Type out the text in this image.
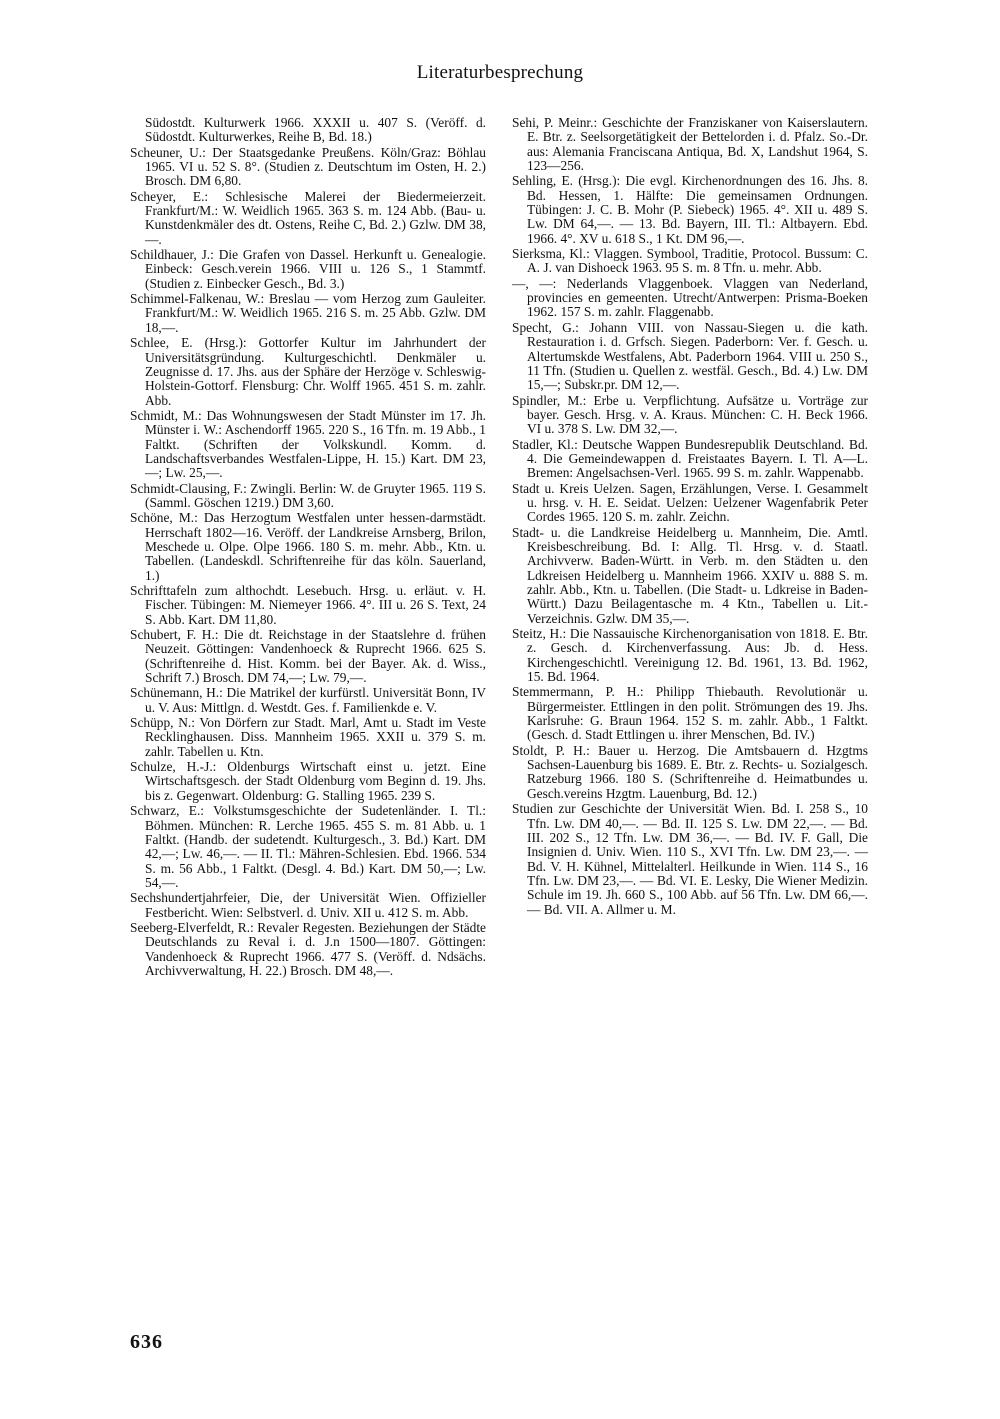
Literaturbesprechung

Südostdt. Kulturwerk 1966. XXXII u. 407 S. (Veröff. d. Südostdt. Kulturwerkes, Reihe B, Bd. 18.)

Scheuner, U.: Der Staatsgedanke Preußens. Köln/Graz: Böhlau 1965. VI u. 52 S. 8°. (Studien z. Deutschtum im Osten, H. 2.) Brosch. DM 6,80.

Scheyer, E.: Schlesische Malerei der Biedermeierzeit. Frankfurt/M.: W. Weidlich 1965. 363 S. m. 124 Abb. (Bau- u. Kunstdenkmäler des dt. Ostens, Reihe C, Bd. 2.) Gzlw. DM 38,—.

Schildhauer, J.: Die Grafen von Dassel. Herkunft u. Genealogie. Einbeck: Gesch.verein 1966. VIII u. 126 S., 1 Stammtf. (Studien z. Einbecker Gesch., Bd. 3.)

Schimmel-Falkenau, W.: Breslau — vom Herzog zum Gauleiter. Frankfurt/M.: W. Weidlich 1965. 216 S. m. 25 Abb. Gzlw. DM 18,—.

Schlee, E. (Hrsg.): Gottorfer Kultur im Jahrhundert der Universitätsgründung. Kulturgeschichtl. Denkmäler u. Zeugnisse d. 17. Jhs. aus der Sphäre der Herzöge v. Schleswig-Holstein-Gottorf. Flensburg: Chr. Wolff 1965. 451 S. m. zahlr. Abb.

Schmidt, M.: Das Wohnungswesen der Stadt Münster im 17. Jh. Münster i. W.: Aschendorff 1965. 220 S., 16 Tfn. m. 19 Abb., 1 Faltkt. (Schriften der Volkskundl. Komm. d. Landschaftsverbandes Westfalen-Lippe, H. 15.) Kart. DM 23,—; Lw. 25,—.

Schmidt-Clausing, F.: Zwingli. Berlin: W. de Gruyter 1965. 119 S. (Samml. Göschen 1219.) DM 3,60.

Schöne, M.: Das Herzogtum Westfalen unter hessen-darmstädt. Herrschaft 1802—16. Veröff. der Landkreise Arnsberg, Brilon, Meschede u. Olpe. Olpe 1966. 180 S. m. mehr. Abb., Ktn. u. Tabellen. (Landeskdl. Schriftenreihe für das köln. Sauerland, 1.)

Schrifttafeln zum althochdt. Lesebuch. Hrsg. u. erläut. v. H. Fischer. Tübingen: M. Niemeyer 1966. 4°. III u. 26 S. Text, 24 S. Abb. Kart. DM 11,80.

Schubert, F. H.: Die dt. Reichstage in der Staatslehre d. frühen Neuzeit. Göttingen: Vandenhoeck & Ruprecht 1966. 625 S. (Schriftenreihe d. Hist. Komm. bei der Bayer. Ak. d. Wiss., Schrift 7.) Brosch. DM 74,—; Lw. 79,—.

Schünemann, H.: Die Matrikel der kurfürstl. Universität Bonn, IV u. V. Aus: Mittlgn. d. Westdt. Ges. f. Familienkde e. V.

Schüpp, N.: Von Dörfern zur Stadt. Marl, Amt u. Stadt im Veste Recklinghausen. Diss. Mannheim 1965. XXII u. 379 S. m. zahlr. Tabellen u. Ktn.

Schulze, H.-J.: Oldenburgs Wirtschaft einst u. jetzt. Eine Wirtschaftsgesch. der Stadt Oldenburg vom Beginn d. 19. Jhs. bis z. Gegenwart. Oldenburg: G. Stalling 1965. 239 S.

Schwarz, E.: Volkstumsgeschichte der Sudetenländer. I. Tl.: Böhmen. München: R. Lerche 1965. 455 S. m. 81 Abb. u. 1 Faltkt. (Handb. der sudetendt. Kulturgesch., 3. Bd.) Kart. DM 42,—; Lw. 46,—. — II. Tl.: Mähren-Schlesien. Ebd. 1966. 534 S. m. 56 Abb., 1 Faltkt. (Desgl. 4. Bd.) Kart. DM 50,—; Lw. 54,—.

Sechshundertjahrfeier, Die, der Universität Wien. Offizieller Festbericht. Wien: Selbstverl. d. Univ. XII u. 412 S. m. Abb.

Seeberg-Elverfeldt, R.: Revaler Regesten. Beziehungen der Städte Deutschlands zu Reval i. d. J.n 1500—1807. Göttingen: Vandenhoeck & Ruprecht 1966. 477 S. (Veröff. d. Ndsächs. Archivverwaltung, H. 22.) Brosch. DM 48,—.

Sehi, P. Meinr.: Geschichte der Franziskaner von Kaiserslautern. E. Btr. z. Seelsorgetätigkeit der Bettelorden i. d. Pfalz. So.-Dr. aus: Alemania Franciscana Antiqua, Bd. X, Landshut 1964, S. 123—256.

Sehling, E. (Hrsg.): Die evgl. Kirchenordnungen des 16. Jhs. 8. Bd. Hessen, 1. Hälfte: Die gemeinsamen Ordnungen. Tübingen: J. C. B. Mohr (P. Siebeck) 1965. 4°. XII u. 489 S. Lw. DM 64,—. — 13. Bd. Bayern, III. Tl.: Altbayern. Ebd. 1966. 4°. XV u. 618 S., 1 Kt. DM 96,—.

Sierksma, Kl.: Vlaggen. Symbool, Traditie, Protocol. Bussum: C. A. J. van Dishoeck 1963. 95 S. m. 8 Tfn. u. mehr. Abb.

—, —: Nederlands Vlaggenboek. Vlaggen van Nederland, provincies en gemeenten. Utrecht/Antwerpen: Prisma-Boeken 1962. 157 S. m. zahlr. Flaggenabb.

Specht, G.: Johann VIII. von Nassau-Siegen u. die kath. Restauration i. d. Grfsch. Siegen. Paderborn: Ver. f. Gesch. u. Altertumskde Westfalens, Abt. Paderborn 1964. VIII u. 250 S., 11 Tfn. (Studien u. Quellen z. westfäl. Gesch., Bd. 4.) Lw. DM 15,—; Subskr.pr. DM 12,—.

Spindler, M.: Erbe u. Verpflichtung. Aufsätze u. Vorträge zur bayer. Gesch. Hrsg. v. A. Kraus. München: C. H. Beck 1966. VI u. 378 S. Lw. DM 32,—.

Stadler, Kl.: Deutsche Wappen Bundesrepublik Deutschland. Bd. 4. Die Gemeindewappen d. Freistaates Bayern. I. Tl. A—L. Bremen: Angelsachsen-Verl. 1965. 99 S. m. zahlr. Wappenabb.

Stadt u. Kreis Uelzen. Sagen, Erzählungen, Verse. I. Gesammelt u. hrsg. v. H. E. Seidat. Uelzen: Uelzener Wagenfabrik Peter Cordes 1965. 120 S. m. zahlr. Zeichn.

Stadt- u. die Landkreise Heidelberg u. Mannheim, Die. Amtl. Kreisbeschreibung. Bd. I: Allg. Tl. Hrsg. v. d. Staatl. Archivverw. Baden-Württ. in Verb. m. den Städten u. den Ldkreisen Heidelberg u. Mannheim 1966. XXIV u. 888 S. m. zahlr. Abb., Ktn. u. Tabellen. (Die Stadt- u. Ldkreise in Baden-Württ.) Dazu Beilagentasche m. 4 Ktn., Tabellen u. Lit.-Verzeichnis. Gzlw. DM 35,—.

Steitz, H.: Die Nassauische Kirchenorganisation von 1818. E. Btr. z. Gesch. d. Kirchenverfassung. Aus: Jb. d. Hess. Kirchengeschichtl. Vereinigung 12. Bd. 1961, 13. Bd. 1962, 15. Bd. 1964.

Stemmermann, P. H.: Philipp Thiebauth. Revolutionär u. Bürgermeister. Ettlingen in den polit. Strömungen des 19. Jhs. Karlsruhe: G. Braun 1964. 152 S. m. zahlr. Abb., 1 Faltkt. (Gesch. d. Stadt Ettlingen u. ihrer Menschen, Bd. IV.)

Stoldt, P. H.: Bauer u. Herzog. Die Amtsbauern d. Hzgtms Sachsen-Lauenburg bis 1689. E. Btr. z. Rechts- u. Sozialgesch. Ratzeburg 1966. 180 S. (Schriftenreihe d. Heimatbundes u. Gesch.vereins Hzgtm. Lauenburg, Bd. 12.)

Studien zur Geschichte der Universität Wien. Bd. I. 258 S., 10 Tfn. Lw. DM 40,—. — Bd. II. 125 S. Lw. DM 22,—. — Bd. III. 202 S., 12 Tfn. Lw. DM 36,—. — Bd. IV. F. Gall, Die Insignien d. Univ. Wien. 110 S., XVI Tfn. Lw. DM 23,—. — Bd. V. H. Kühnel, Mittelalterl. Heilkunde in Wien. 114 S., 16 Tfn. Lw. DM 23,—. — Bd. VI. E. Lesky, Die Wiener Medizin. Schule im 19. Jh. 660 S., 100 Abb. auf 56 Tfn. Lw. DM 66,—. — Bd. VII. A. Allmer u. M.

636
